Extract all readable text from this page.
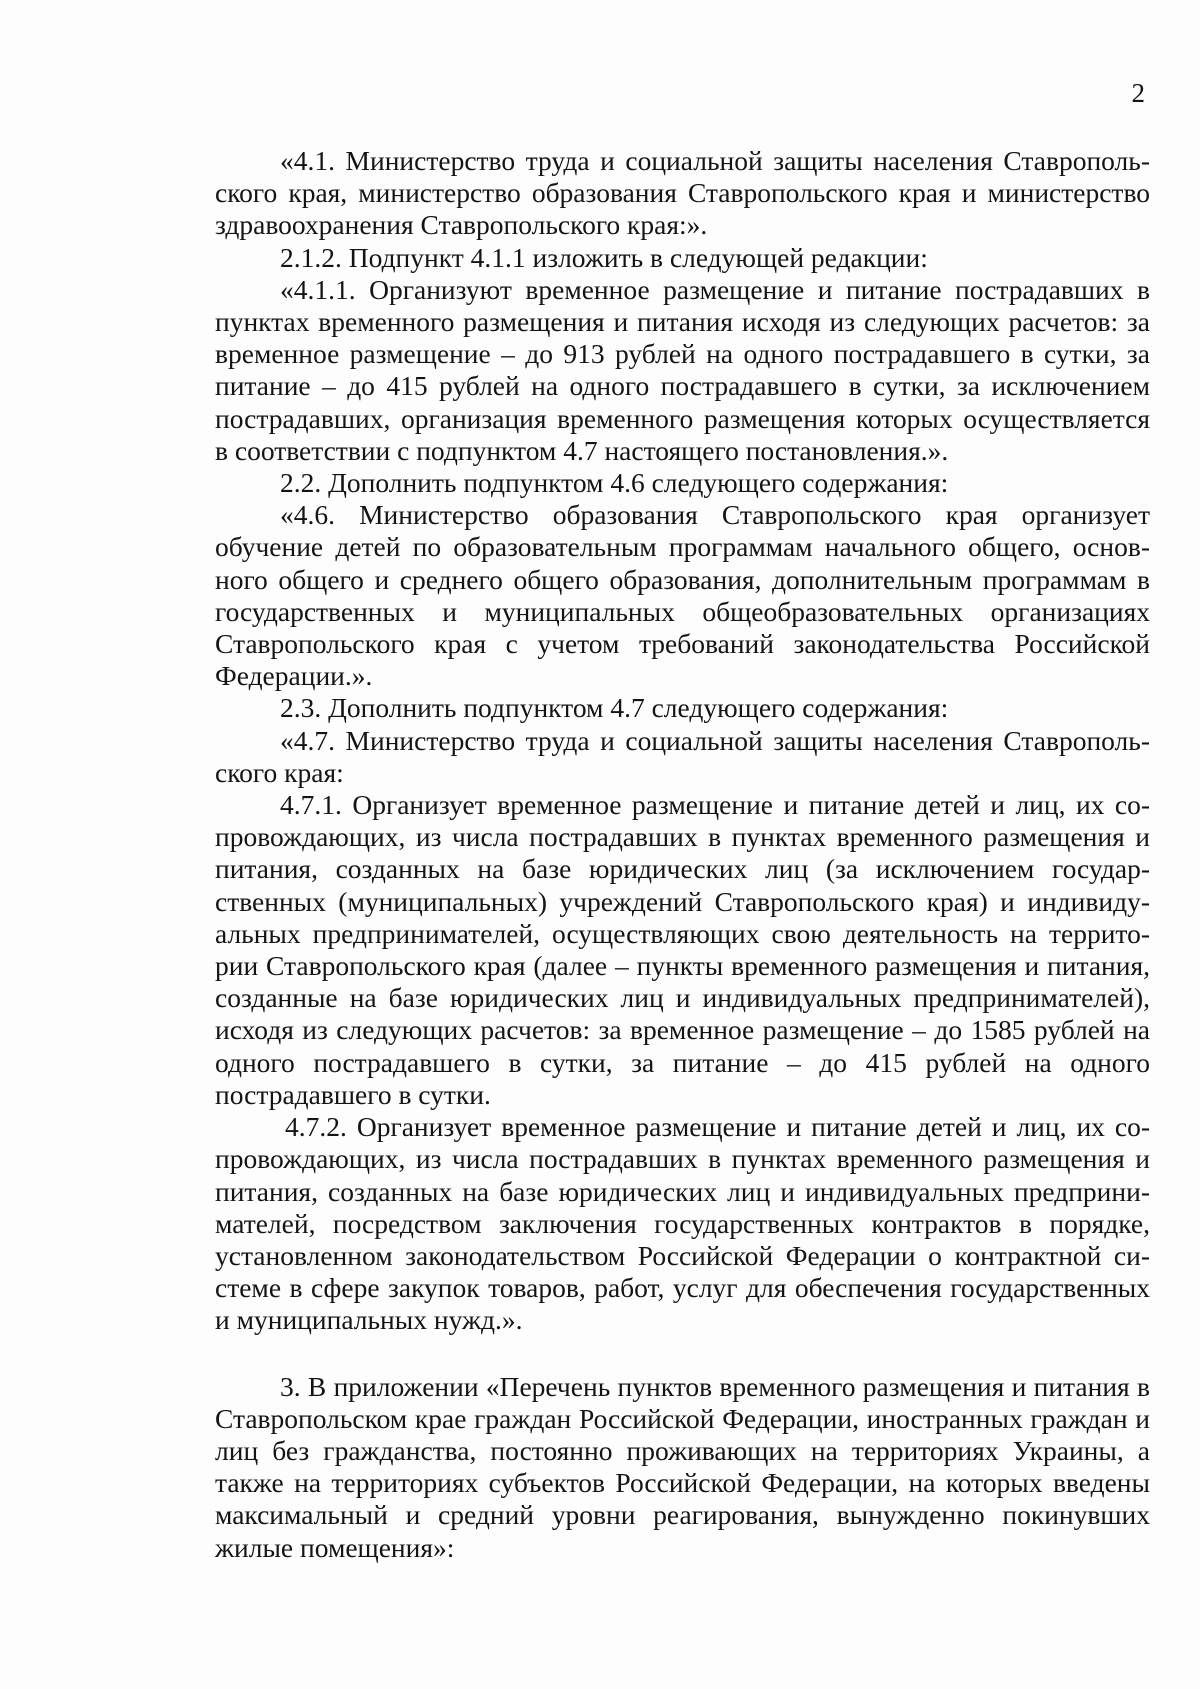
2

«4.1. Министерство труда и социальной защиты населения Ставропольского края, министерство образования Ставропольского края и министерство здравоохранения Ставропольского края:».

2.1.2. Подпункт 4.1.1 изложить в следующей редакции:

«4.1.1. Организуют временное размещение и питание пострадавших в пунктах временного размещения и питания исходя из следующих расчетов: за временное размещение – до 913 рублей на одного пострадавшего в сутки, за питание – до 415 рублей на одного пострадавшего в сутки, за исключением пострадавших, организация временного размещения которых осуществляется в соответствии с подпунктом 4.7 настоящего постановления.».

2.2. Дополнить подпунктом 4.6 следующего содержания:

«4.6. Министерство образования Ставропольского края организует обучение детей по образовательным программам начального общего, основного общего и среднего общего образования, дополнительным программам в государственных и муниципальных общеобразовательных организациях Ставропольского края с учетом требований законодательства Российской Федерации.».

2.3. Дополнить подпунктом 4.7 следующего содержания:

«4.7. Министерство труда и социальной защиты населения Ставропольского края:

4.7.1. Организует временное размещение и питание детей и лиц, их сопровождающих, из числа пострадавших в пунктах временного размещения и питания, созданных на базе юридических лиц (за исключением государственных (муниципальных) учреждений Ставропольского края) и индивидуальных предпринимателей, осуществляющих свою деятельность на территории Ставропольского края (далее – пункты временного размещения и питания, созданные на базе юридических лиц и индивидуальных предпринимателей), исходя из следующих расчетов: за временное размещение – до 1585 рублей на одного пострадавшего в сутки, за питание – до 415 рублей на одного пострадавшего в сутки.

4.7.2. Организует временное размещение и питание детей и лиц, их сопровождающих, из числа пострадавших в пунктах временного размещения и питания, созданных на базе юридических лиц и индивидуальных предпринимателей, посредством заключения государственных контрактов в порядке, установленном законодательством Российской Федерации о контрактной системе в сфере закупок товаров, работ, услуг для обеспечения государственных и муниципальных нужд.».

3. В приложении «Перечень пунктов временного размещения и питания в Ставропольском крае граждан Российской Федерации, иностранных граждан и лиц без гражданства, постоянно проживающих на территориях Украины, а также на территориях субъектов Российской Федерации, на которых введены максимальный и средний уровни реагирования, вынужденно покинувших жилые помещения»:
